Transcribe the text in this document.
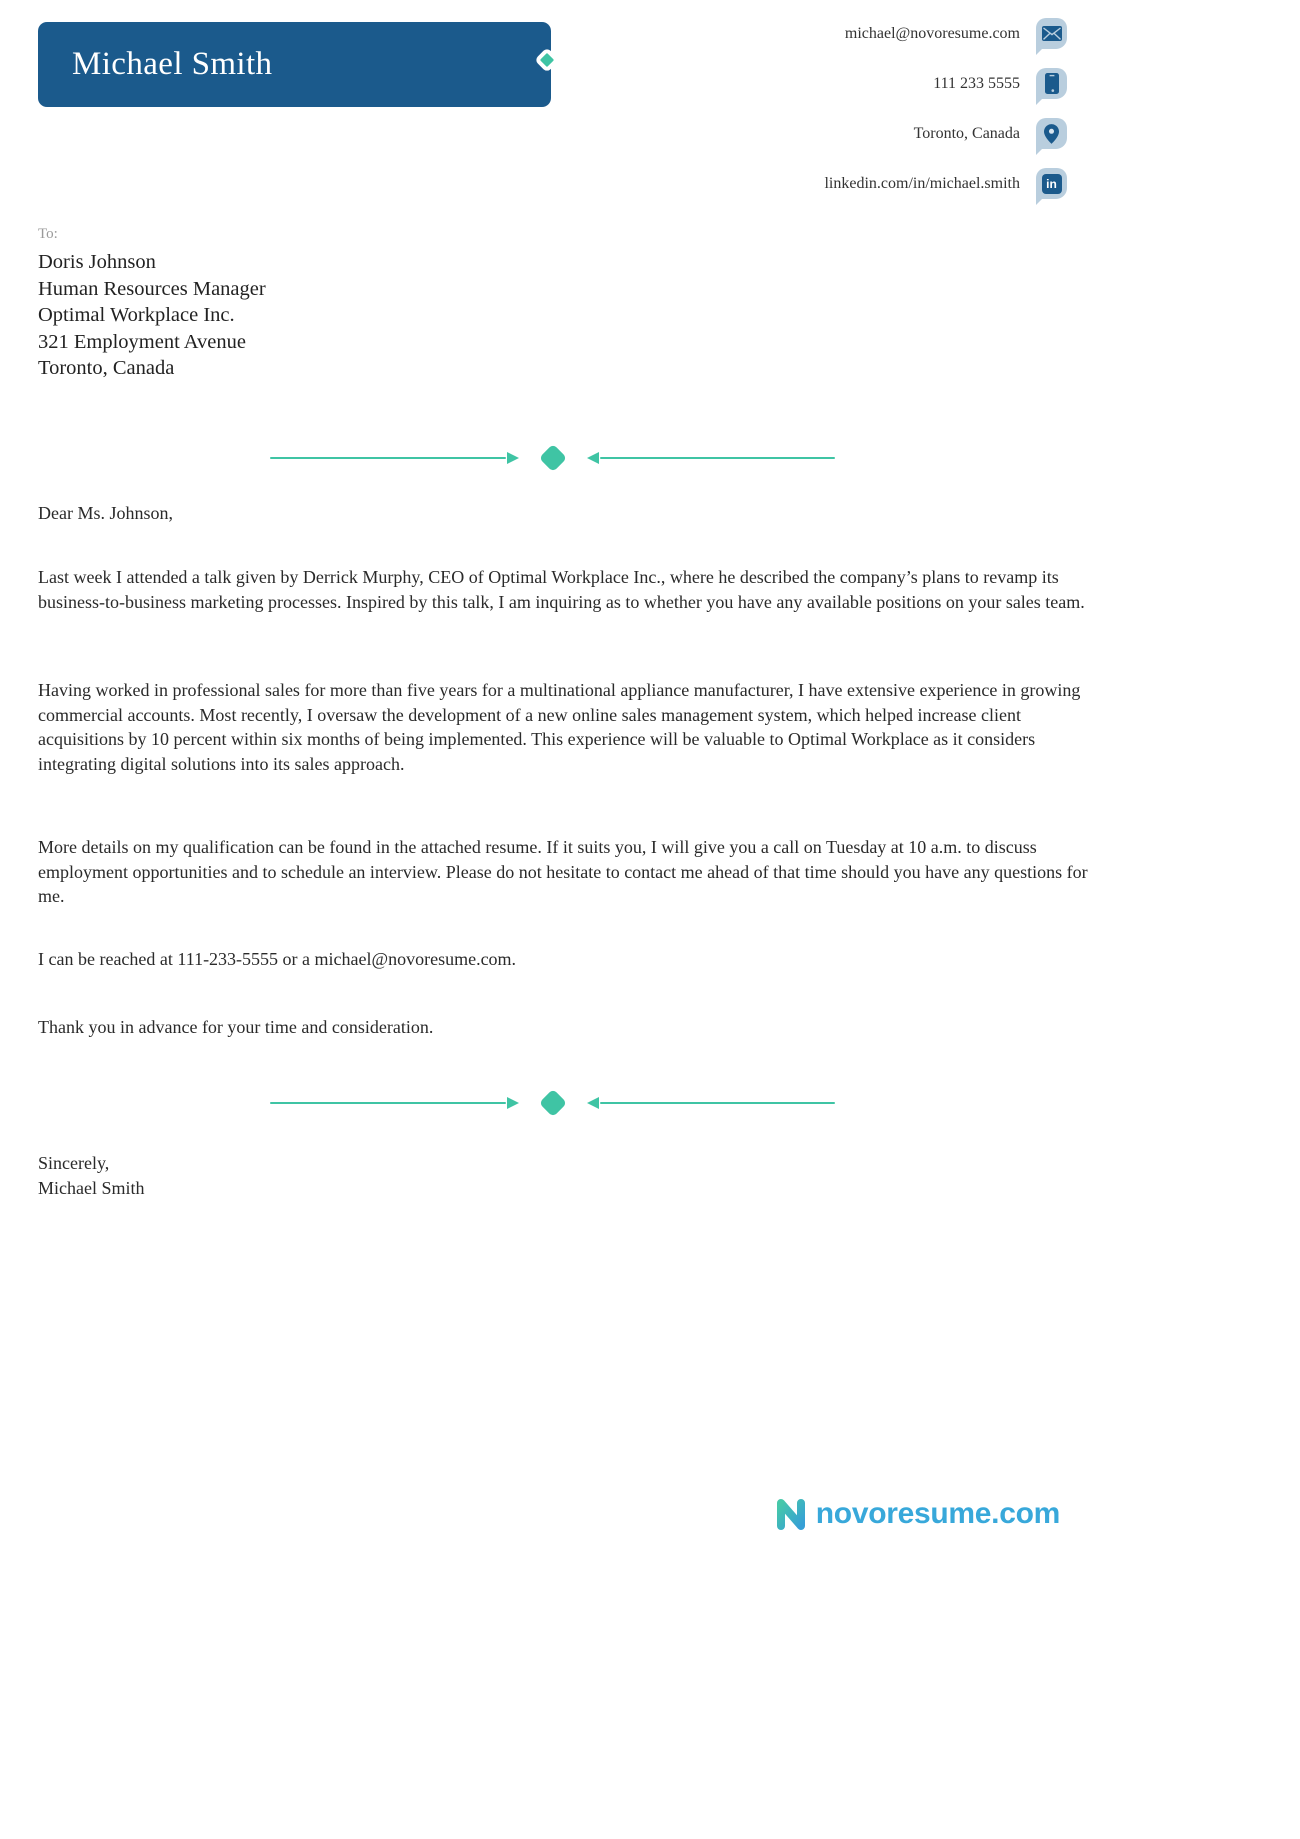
Michael Smith
michael@novoresume.com
111 233 5555
Toronto, Canada
linkedin.com/in/michael.smith	in
To:
Doris Johnson
Human Resources Manager
Optimal Workplace Inc.
321 Employment Avenue
Toronto, Canada
Dear Ms. Johnson,
Last week I attended a talk given by Derrick Murphy, CEO of Optimal Workplace Inc., where he described the company’s plans to revamp its business-to-business marketing processes. Inspired by this talk, I am inquiring as to whether you have any available positions on your sales team.
Having worked in professional sales for more than five years for a multinational appliance manufacturer, I have extensive experience in growing commercial accounts. Most recently, I oversaw the development of a new online sales management system, which helped increase client acquisitions by 10 percent within six months of being implemented. This experience will be valuable to Optimal Workplace as it considers integrating digital solutions into its sales approach.
More details on my qualification can be found in the attached resume. If it suits you, I will give you a call on Tuesday at 10 a.m. to discuss employment opportunities and to schedule an interview. Please do not hesitate to contact me ahead of that time should you have any questions for me.
I can be reached at 111-233-5555 or a michael@novoresume.com.
Thank you in advance for your time and consideration.
Sincerely,
Michael Smith
novoresume.com
